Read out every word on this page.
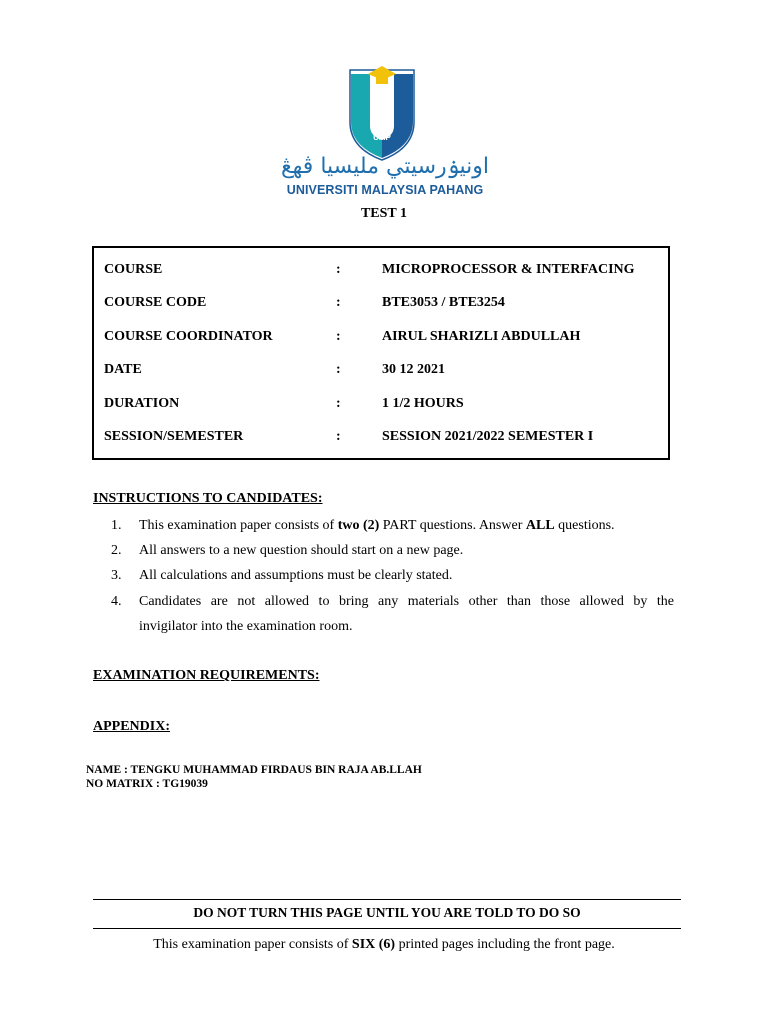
UMP
اونيۏرسيتي مليسيا ڤهڠ
UNIVERSITI MALAYSIA PAHANG
TEST 1
COURSE	:	MICROPROCESSOR & INTERFACING
COURSE CODE	:	BTE3053 / BTE3254
COURSE COORDINATOR	:	AIRUL SHARIZLI ABDULLAH
DATE	:	30 12 2021
DURATION	:	1 1/2 HOURS
SESSION/SEMESTER	:	SESSION 2021/2022 SEMESTER I
INSTRUCTIONS TO CANDIDATES:
1. This examination paper consists of two (2) PART questions. Answer ALL questions.
2. All answers to a new question should start on a new page.
3. All calculations and assumptions must be clearly stated.
4. Candidates are not allowed to bring any materials other than those allowed by the
invigilator into the examination room.
EXAMINATION REQUIREMENTS:
APPENDIX:
NAME : TENGKU MUHAMMAD FIRDAUS BIN RAJA AB.LLAH
NO MATRIX : TG19039
DO NOT TURN THIS PAGE UNTIL YOU ARE TOLD TO DO SO
This examination paper consists of SIX (6) printed pages including the front page.
